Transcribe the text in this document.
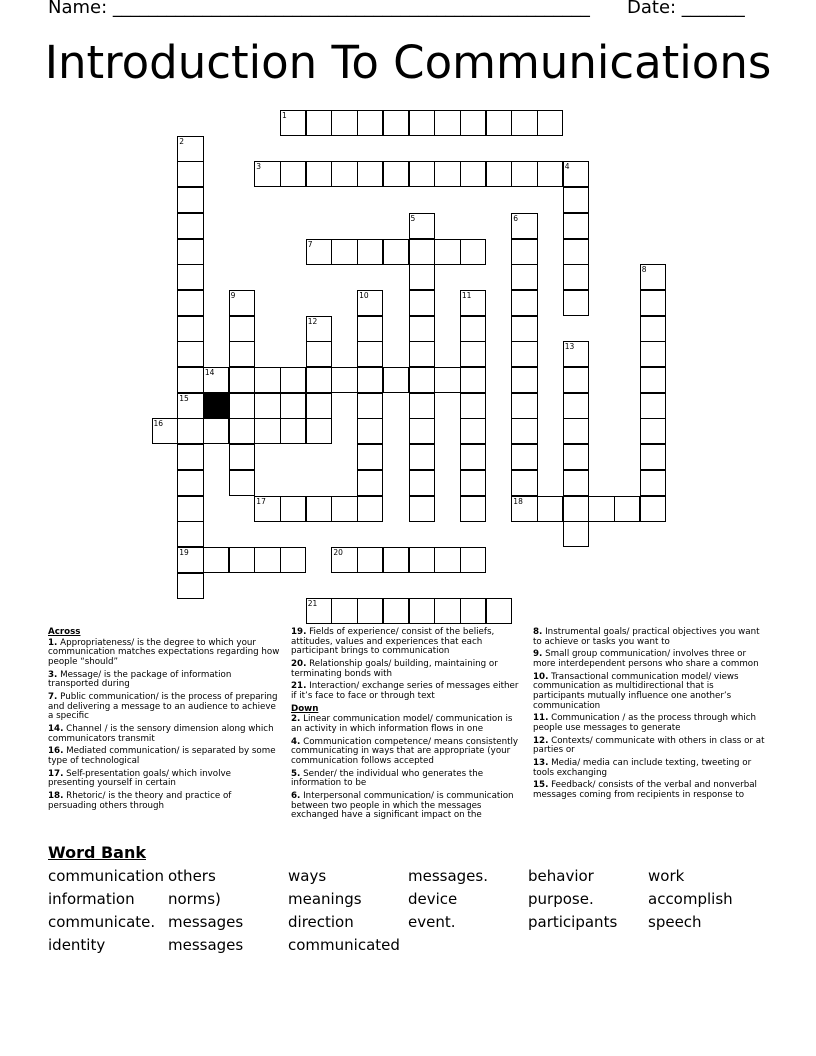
Name: _____________________________________________________ Date: _______
Introduction To Communications
1
2
3	4
5	6
7
8
9	10	11
12
13
14
15
16
17	18
19	20
21
Across
1. Appropriateness/ is the degree to which your communication matches expectations regarding how people “should”
3. Message/ is the package of information transported during
7. Public communication/ is the process of preparing and delivering a message to an audience to achieve a specific
14. Channel / is the sensory dimension along which communicators transmit
16. Mediated communication/ is separated by some type of technological
17. Self-presentation goals/ which involve presenting yourself in certain
18. Rhetoric/ is the theory and practice of persuading others through
19. Fields of experience/ consist of the beliefs, attitudes, values and experiences that each participant brings to communication
20. Relationship goals/ building, maintaining or terminating bonds with
21. Interaction/ exchange series of messages either if it’s face to face or through text
Down
2. Linear communication model/ communication is an activity in which information flows in one
4. Communication competence/ means consistently communicating in ways that are appropriate (your communication follows accepted
5. Sender/ the individual who generates the information to be
6. Interpersonal communication/ is communication between two people in which the messages exchanged have a significant impact on the
8. Instrumental goals/ practical objectives you want to achieve or tasks you want to
9. Small group communication/ involves three or more interdependent persons who share a common
10. Transactional communication model/ views communication as multidirectional that is participants mutually influence one another’s communication
11. Communication / as the process through which people use messages to generate
12. Contexts/ communicate with others in class or at parties or
13. Media/ media can include texting, tweeting or tools exchanging
15. Feedback/ consists of the verbal and nonverbal messages coming from recipients in response to
Word Bank
communication others	ways	messages.	behavior	work
information norms)	meanings	device	purpose.	accomplish
communicate. messages	direction	event.	participants speech
identity	messages	communicated
